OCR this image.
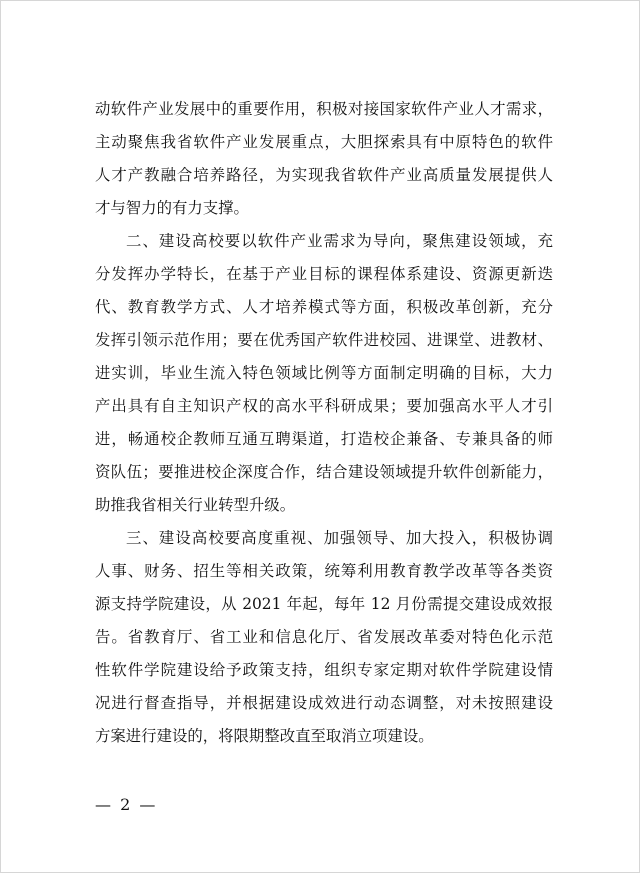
动软件产业发展中的重要作用，积极对接国家软件产业人才需求，
主动聚焦我省软件产业发展重点，大胆探索具有中原特色的软件
人才产教融合培养路径，为实现我省软件产业高质量发展提供人
才与智力的有力支撑。
二、建设高校要以软件产业需求为导向，聚焦建设领域，充
分发挥办学特长，在基于产业目标的课程体系建设、资源更新迭
代、教育教学方式、人才培养模式等方面，积极改革创新，充分
发挥引领示范作用；要在优秀国产软件进校园、进课堂、进教材、
进实训，毕业生流入特色领域比例等方面制定明确的目标，大力
产出具有自主知识产权的高水平科研成果；要加强高水平人才引
进，畅通校企教师互通互聘渠道，打造校企兼备、专兼具备的师
资队伍；要推进校企深度合作，结合建设领域提升软件创新能力，
助推我省相关行业转型升级。
三、建设高校要高度重视、加强领导、加大投入，积极协调
人事、财务、招生等相关政策，统筹利用教育教学改革等各类资
源支持学院建设，从 2021 年起，每年 12 月份需提交建设成效报
告。省教育厅、省工业和信息化厅、省发展改革委对特色化示范
性软件学院建设给予政策支持，组织专家定期对软件学院建设情
况进行督查指导，并根据建设成效进行动态调整，对未按照建设
方案进行建设的，将限期整改直至取消立项建设。
— 2 —
